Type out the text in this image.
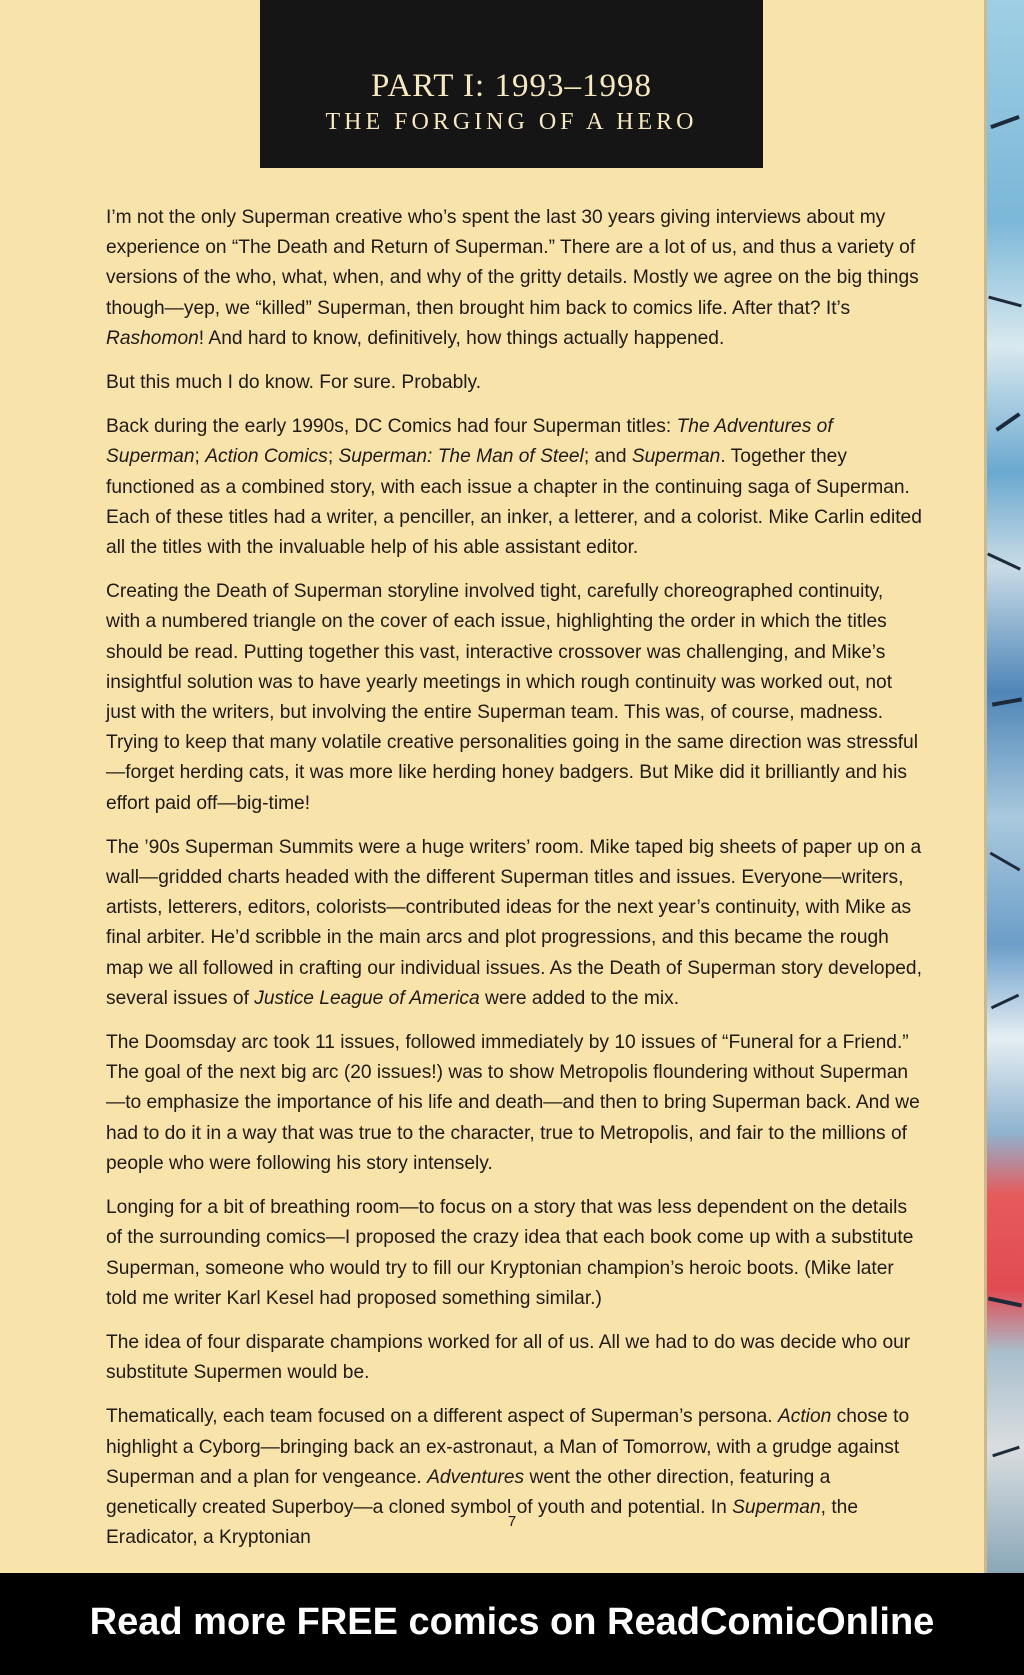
PART I: 1993–1998
THE FORGING OF A HERO

I’m not the only Superman creative who’s spent the last 30 years giving interviews about my experience on “The Death and Return of Superman.” There are a lot of us, and thus a variety of versions of the who, what, when, and why of the gritty details. Mostly we agree on the big things though—yep, we “killed” Superman, then brought him back to comics life. After that? It’s Rashomon! And hard to know, definitively, how things actually happened.

But this much I do know. For sure. Probably.

Back during the early 1990s, DC Comics had four Superman titles: The Adventures of Superman; Action Comics; Superman: The Man of Steel; and Superman. Together they functioned as a combined story, with each issue a chapter in the continuing saga of Superman. Each of these titles had a writer, a penciller, an inker, a letterer, and a colorist. Mike Carlin edited all the titles with the invaluable help of his able assistant editor.

Creating the Death of Superman storyline involved tight, carefully choreographed continuity, with a numbered triangle on the cover of each issue, highlighting the order in which the titles should be read. Putting together this vast, interactive crossover was challenging, and Mike’s insightful solution was to have yearly meetings in which rough continuity was worked out, not just with the writers, but involving the entire Superman team. This was, of course, madness. Trying to keep that many volatile creative personalities going in the same direction was stressful—forget herding cats, it was more like herding honey badgers. But Mike did it brilliantly and his effort paid off—big-time!

The ’90s Superman Summits were a huge writers’ room. Mike taped big sheets of paper up on a wall—gridded charts headed with the different Superman titles and issues. Everyone—writers, artists, letterers, editors, colorists—contributed ideas for the next year’s continuity, with Mike as final arbiter. He’d scribble in the main arcs and plot progressions, and this became the rough map we all followed in crafting our individual issues. As the Death of Superman story developed, several issues of Justice League of America were added to the mix.

The Doomsday arc took 11 issues, followed immediately by 10 issues of “Funeral for a Friend.” The goal of the next big arc (20 issues!) was to show Metropolis floundering without Superman—to emphasize the importance of his life and death—and then to bring Superman back. And we had to do it in a way that was true to the character, true to Metropolis, and fair to the millions of people who were following his story intensely.

Longing for a bit of breathing room—to focus on a story that was less dependent on the details of the surrounding comics—I proposed the crazy idea that each book come up with a substitute Superman, someone who would try to fill our Kryptonian champion’s heroic boots. (Mike later told me writer Karl Kesel had proposed something similar.)

The idea of four disparate champions worked for all of us. All we had to do was decide who our substitute Supermen would be.

Thematically, each team focused on a different aspect of Superman’s persona. Action chose to highlight a Cyborg—bringing back an ex-astronaut, a Man of Tomorrow, with a grudge against Superman and a plan for vengeance. Adventures went the other direction, featuring a genetically created Superboy—a cloned symbol of youth and potential. In Superman, the Eradicator, a Kryptonian

7
Read more FREE comics on ReadComicOnline
